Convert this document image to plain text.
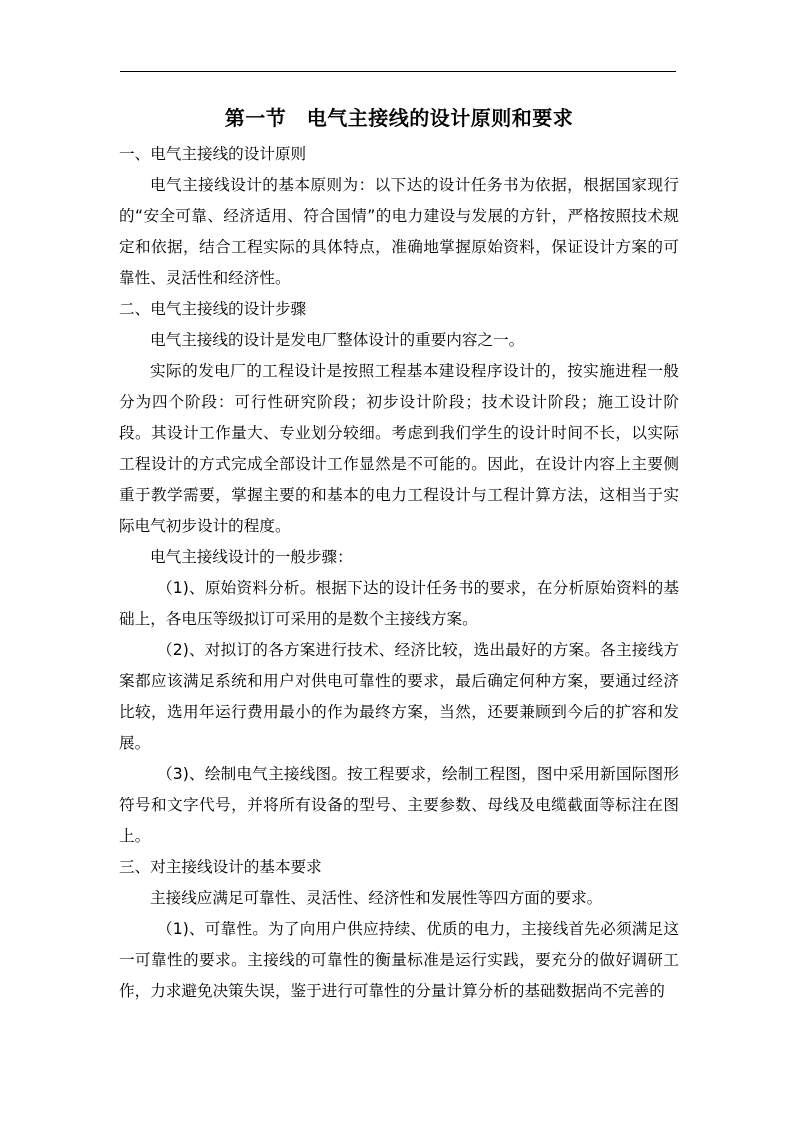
第一节　电气主接线的设计原则和要求

一、电气主接线的设计原则

电气主接线设计的基本原则为：以下达的设计任务书为依据，根据国家现行的“安全可靠、经济适用、符合国情”的电力建设与发展的方针，严格按照技术规定和依据，结合工程实际的具体特点，准确地掌握原始资料，保证设计方案的可靠性、灵活性和经济性。

二、电气主接线的设计步骤

电气主接线的设计是发电厂整体设计的重要内容之一。

实际的发电厂的工程设计是按照工程基本建设程序设计的，按实施进程一般分为四个阶段：可行性研究阶段；初步设计阶段；技术设计阶段；施工设计阶段。其设计工作量大、专业划分较细。考虑到我们学生的设计时间不长，以实际工程设计的方式完成全部设计工作显然是不可能的。因此，在设计内容上主要侧重于教学需要，掌握主要的和基本的电力工程设计与工程计算方法，这相当于实际电气初步设计的程度。

电气主接线设计的一般步骤：

（1)、原始资料分析。根据下达的设计任务书的要求，在分析原始资料的基础上，各电压等级拟订可采用的是数个主接线方案。

（2)、对拟订的各方案进行技术、经济比较，选出最好的方案。各主接线方案都应该满足系统和用户对供电可靠性的要求，最后确定何种方案，要通过经济比较，选用年运行费用最小的作为最终方案，当然，还要兼顾到今后的扩容和发展。

（3)、绘制电气主接线图。按工程要求，绘制工程图，图中采用新国际图形符号和文字代号，并将所有设备的型号、主要参数、母线及电缆截面等标注在图上。

三、对主接线设计的基本要求

主接线应满足可靠性、灵活性、经济性和发展性等四方面的要求。

（1)、可靠性。为了向用户供应持续、优质的电力，主接线首先必须满足这一可靠性的要求。主接线的可靠性的衡量标准是运行实践，要充分的做好调研工作，力求避免决策失误，鉴于进行可靠性的分量计算分析的基础数据尚不完善的
